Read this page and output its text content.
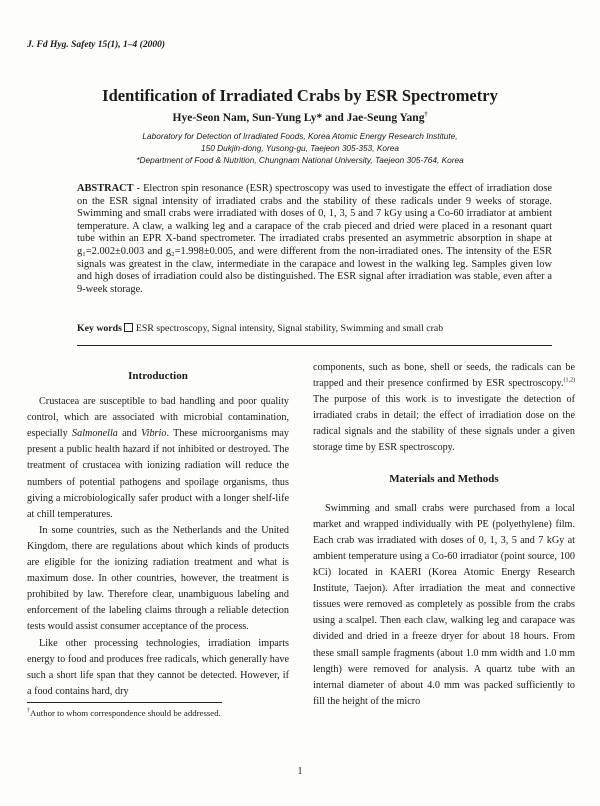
J. Fd Hyg. Safety 15(1), 1–4 (2000)
Identification of Irradiated Crabs by ESR Spectrometry
Hye-Seon Nam, Sun-Yung Ly* and Jae-Seung Yang†
Laboratory for Detection of Irradiated Foods, Korea Atomic Energy Research Institute,
150 Dukjin-dong, Yusong-gu, Taejeon 305-353, Korea
*Department of Food & Nutrition, Chungnam National University, Taejeon 305-764, Korea
ABSTRACT - Electron spin resonance (ESR) spectroscopy was used to investigate the effect of irradiation dose on the ESR signal intensity of irradiated crabs and the stability of these radicals under 9 weeks of storage. Swimming and small crabs were irradiated with doses of 0, 1, 3, 5 and 7 kGy using a Co-60 irradiator at ambient temperature. A claw, a walking leg and a carapace of the crab pieced and dried were placed in a resonant quart tube within an EPR X-band spectrometer. The irradiated crabs presented an asymmetric absorption in shape at g₁=2.002±0.003 and g₂=1.998±0.005, and were different from the non-irradiated ones. The intensity of the ESR signals was greatest in the claw, intermediate in the carapace and lowest in the walking leg. Samples given low and high doses of irradiation could also be distinguished. The ESR signal after irradiation was stable, even after a 9-week storage.
Key words ESR spectroscopy, Signal intensity, Signal stability, Swimming and small crab

Introduction

Crustacea are susceptible to bad handling and poor quality control, which are associated with microbial contamination, especially Salmonella and Vibrio. These microorganisms may present a public health hazard if not inhibited or destroyed. The treatment of crustacea with ionizing radiation will reduce the numbers of potential pathogens and spoilage organisms, thus giving a microbiologically safer product with a longer shelf-life at chill temperatures.

In some countries, such as the Netherlands and the United Kingdom, there are regulations about which kinds of products are eligible for the ionizing radiation treatment and what is maximum dose. In other countries, however, the treatment is prohibited by law. Therefore clear, unambiguous labeling and enforcement of the labeling claims through a reliable detection tests would assist consumer acceptance of the process.

Like other processing technologies, irradiation imparts energy to food and produces free radicals, which generally have such a short life span that they cannot be detected. However, if a food contains hard, dry

components, such as bone, shell or seeds, the radicals can be trapped and their presence confirmed by ESR spectroscopy.$^{(1,2)}$ The purpose of this work is to investigate the detection of irradiated crabs in detail; the effect of irradiation dose on the radical signals and the stability of these signals under a given storage time by ESR spectroscopy.

Materials and Methods

Swimming and small crabs were purchased from a local market and wrapped individually with PE (polyethylene) film. Each crab was irradiated with doses of 0, 1, 3, 5 and 7 kGy at ambient temperature using a Co-60 irradiator (point source, 100 kCi) located in KAERI (Korea Atomic Energy Research Institute, Taejon). After irradiation the meat and connective tissues were removed as completely as possible from the crabs using a scalpel. Then each claw, walking leg and carapace was divided and dried in a freeze dryer for about 18 hours. From these small sample fragments (about 1.0 mm width and 1.0 mm length) were removed for analysis. A quartz tube with an internal diameter of about 4.0 mm was packed sufficiently to fill the height of the micro

†Author to whom correspondence should be addressed.
1
